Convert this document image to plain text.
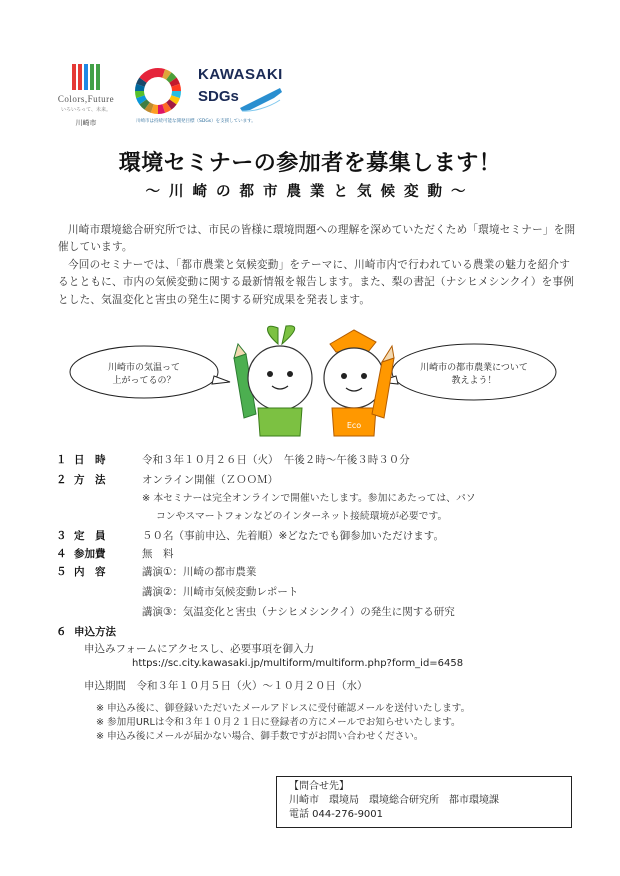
Colors,Future
いろいろって、未来。
川崎市	川崎市は持続可能な開発目標（SDGs）を支援しています。
KAWASAKI
SDGs
環境セミナーの参加者を募集します！
～川崎の都市農業と気候変動～

川崎市環境総合研究所では、市民の皆様に環境問題への理解を深めていただくため「環境セミナー」を開催しています。

今回のセミナーでは、「都市農業と気候変動」をテーマに、川崎市内で行われている農業の魅力を紹介するとともに、市内の気候変動に関する最新情報を報告します。また、梨の書記（ナシヒメシンクイ）を事例とした、気温変化と害虫の発生に関する研究成果を発表します。

川崎市の気温って
上がってるの？
川崎市の都市農業について
教えよう！
Eco
１ 日　時	令和３年１０月２６日（火）　午後２時～午後３時３０分
２ 方　法	オンライン開催（ＺＯＯＭ）
※ 本セミナーは完全オンラインで開催いたします。参加にあたっては、パソ
コンやスマートフォンなどのインターネット接続環境が必要です。
３ 定　員	５０名（事前申込、先着順）※どなたでも御参加いただけます。
４ 参加費	無　料
５ 内　容	講演①：川崎の都市農業
講演②：川崎市気候変動レポート
講演③：気温変化と害虫（ナシヒメシンクイ）の発生に関する研究
６ 申込方法
申込みフォームにアクセスし、必要事項を御入力
https://sc.city.kawasaki.jp/multiform/multiform.php?form_id=6458
申込期間　令和３年１０月５日（火）～１０月２０日（水）
※ 申込み後に、御登録いただいたメールアドレスに受付確認メールを送付いたします。
※ 参加用URLは令和３年１０月２１日に登録者の方にメールでお知らせいたします。
※ 申込み後にメールが届かない場合、御手数ですがお問い合わせください。
【問合せ先】
川崎市　環境局　環境総合研究所　都市環境課
電話 044-276-9001
